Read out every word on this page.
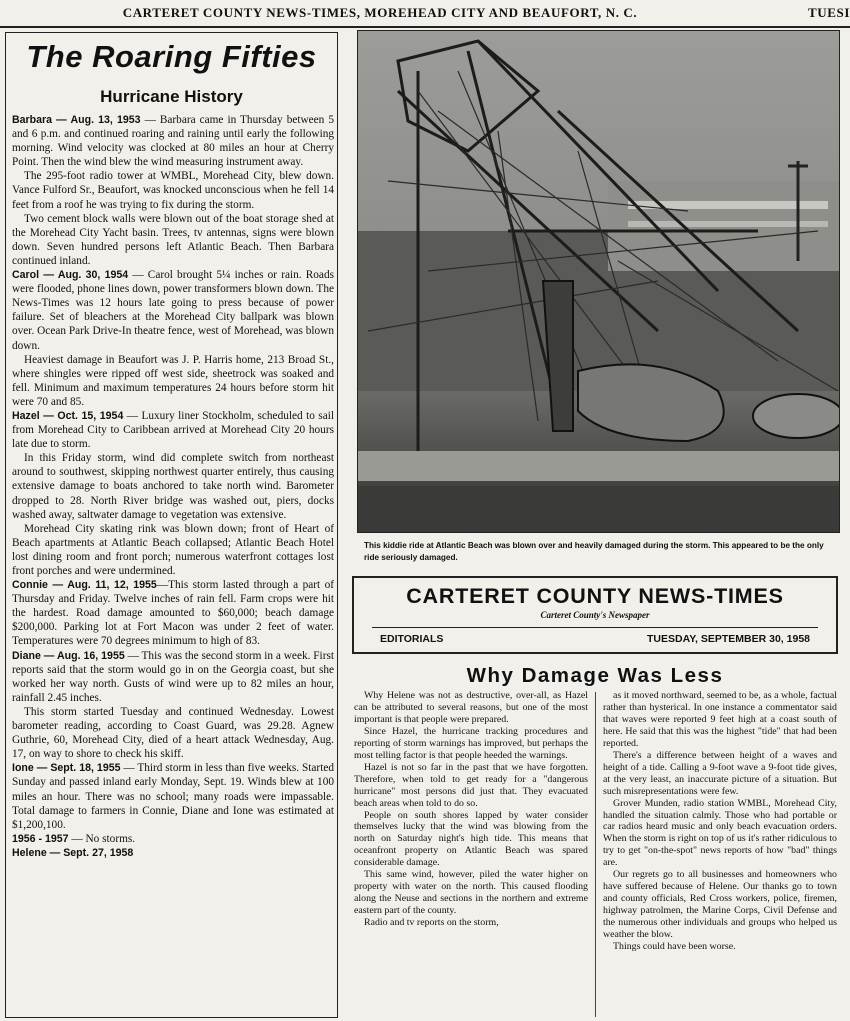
CARTERET COUNTY NEWS-TIMES, MOREHEAD CITY AND BEAUFORT, N. C.	TUESI
The Roaring Fifties
Hurricane History

Barbara — Aug. 13, 1953 — Barbara came in Thursday between 5 and 6 p.m. and continued roaring and raining until early the following morning. Wind velocity was clocked at 80 miles an hour at Cherry Point. Then the wind blew the wind measuring instrument away.

The 295-foot radio tower at WMBL, Morehead City, blew down. Vance Fulford Sr., Beaufort, was knocked unconscious when he fell 14 feet from a roof he was trying to fix during the storm.

Two cement block walls were blown out of the boat storage shed at the Morehead City Yacht basin. Trees, tv antennas, signs were blown down. Seven hundred persons left Atlantic Beach. Then Barbara continued inland.

Carol — Aug. 30, 1954 — Carol brought 5¼ inches or rain. Roads were flooded, phone lines down, power transformers blown down. The News-Times was 12 hours late going to press because of power failure. Set of bleachers at the Morehead City ballpark was blown over. Ocean Park Drive-In theatre fence, west of Morehead, was blown down.

Heaviest damage in Beaufort was J. P. Harris home, 213 Broad St., where shingles were ripped off west side, sheetrock was soaked and fell. Minimum and maximum temperatures 24 hours before storm hit were 70 and 85.

Hazel — Oct. 15, 1954 — Luxury liner Stockholm, scheduled to sail from Morehead City to Caribbean arrived at Morehead City 20 hours late due to storm.

In this Friday storm, wind did complete switch from northeast around to southwest, skipping northwest quarter entirely, thus causing extensive damage to boats anchored to take north wind. Barometer dropped to 28. North River bridge was washed out, piers, docks washed away, saltwater damage to vegetation was extensive.

Morehead City skating rink was blown down; front of Heart of Beach apartments at Atlantic Beach collapsed; Atlantic Beach Hotel lost dining room and front porch; numerous waterfront cottages lost front porches and were undermined.

Connie — Aug. 11, 12, 1955—This storm lasted through a part of Thursday and Friday. Twelve inches of rain fell. Farm crops were hit the hardest. Road damage amounted to $60,000; beach damage $200,000. Parking lot at Fort Macon was under 2 feet of water. Temperatures were 70 degrees minimum to high of 83.

Diane — Aug. 16, 1955 — This was the second storm in a week. First reports said that the storm would go in on the Georgia coast, but she worked her way north. Gusts of wind were up to 82 miles an hour, rainfall 2.45 inches.

This storm started Tuesday and continued Wednesday. Lowest barometer reading, according to Coast Guard, was 29.28. Agnew Guthrie, 60, Morehead City, died of a heart attack Wednesday, Aug. 17, on way to shore to check his skiff.

Ione — Sept. 18, 1955 — Third storm in less than five weeks. Started Sunday and passed inland early Monday, Sept. 19. Winds blew at 100 miles an hour. There was no school; many roads were impassable. Total damage to farmers in Connie, Diane and Ione was estimated at $1,200,100.

1956 - 1957 — No storms.

Helene — Sept. 27, 1958

This kiddie ride at Atlantic Beach was blown over and heavily damaged during the storm. This appeared to be the only ride seriously damaged.
CARTERET COUNTY NEWS-TIMES
Carteret County's Newspaper
EDITORIALS	TUESDAY, SEPTEMBER 30, 1958
Why Damage Was Less

Why Helene was not as destructive, over-all, as Hazel can be attributed to several reasons, but one of the most important is that people were prepared.

Since Hazel, the hurricane tracking procedures and reporting of storm warnings has improved, but perhaps the most telling factor is that people heeded the warnings.

Hazel is not so far in the past that we have forgotten. Therefore, when told to get ready for a "dangerous hurricane" most persons did just that. They evacuated beach areas when told to do so.

People on south shores lapped by water consider themselves lucky that the wind was blowing from the north on Saturday night's high tide. This means that oceanfront property on Atlantic Beach was spared considerable damage.

This same wind, however, piled the water higher on property with water on the north. This caused flooding along the Neuse and sections in the northern and extreme eastern part of the county.

Radio and tv reports on the storm,

as it moved northward, seemed to be, as a whole, factual rather than hysterical. In one instance a commentator said that waves were reported 9 feet high at a coast south of here. He said that this was the highest "tide" that had been reported.

There's a difference between height of a waves and height of a tide. Calling a 9-foot wave a 9-foot tide gives, at the very least, an inaccurate picture of a situation. But such misrepresentations were few.

Grover Munden, radio station WMBL, Morehead City, handled the situation calmly. Those who had portable or car radios heard music and only beach evacuation orders. When the storm is right on top of us it's rather ridiculous to try to get "on-the-spot" news reports of how "bad" things are.

Our regrets go to all businesses and homeowners who have suffered because of Helene. Our thanks go to town and county officials, Red Cross workers, police, firemen, highway patrolmen, the Marine Corps, Civil Defense and the numerous other individuals and groups who helped us weather the blow.

Things could have been worse.
